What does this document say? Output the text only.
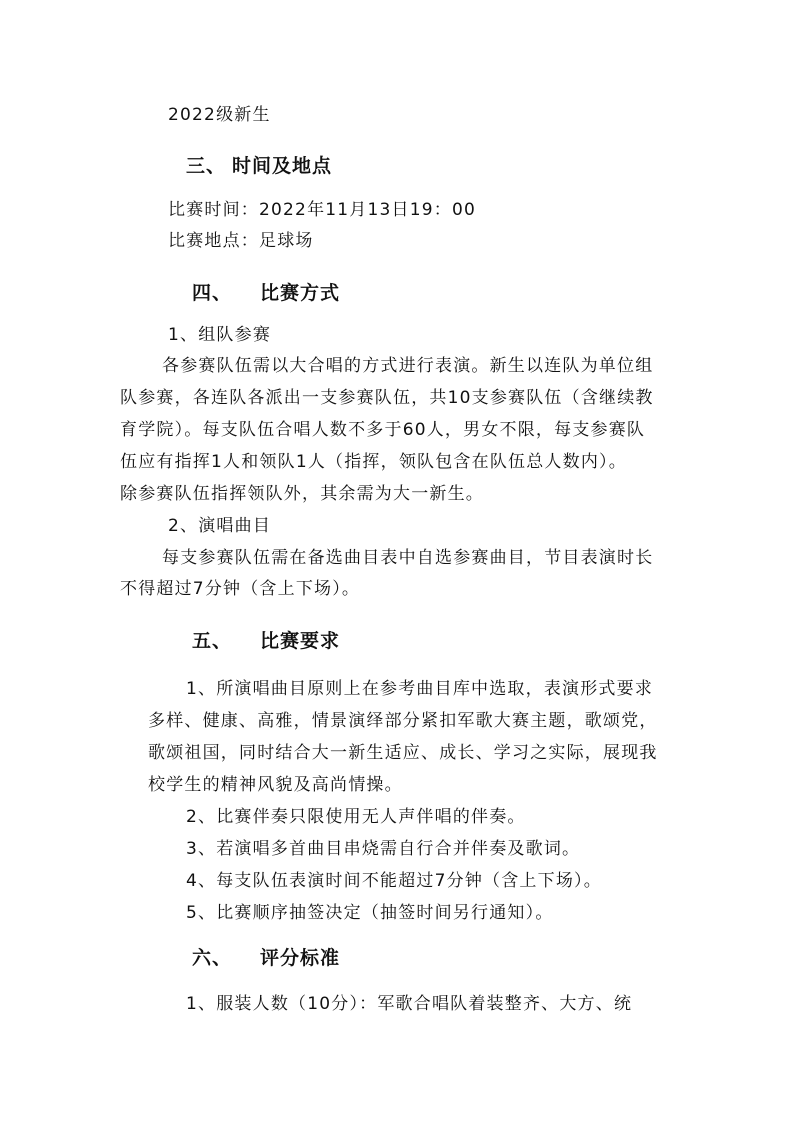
2022级新生
三、 时间及地点
比赛时间：2022年11月13日19：00
比赛地点：足球场
四、 比赛方式
1、组队参赛
各参赛队伍需以大合唱的方式进行表演。新生以连队为单位组
队参赛，各连队各派出一支参赛队伍，共10支参赛队伍（含继续教
育学院）。每支队伍合唱人数不多于60人，男女不限，每支参赛队
伍应有指挥1人和领队1人（指挥，领队包含在队伍总人数内）。
除参赛队伍指挥领队外，其余需为大一新生。
2、演唱曲目
每支参赛队伍需在备选曲目表中自选参赛曲目，节目表演时长
不得超过7分钟（含上下场）。
五、 比赛要求
1、所演唱曲目原则上在参考曲目库中选取，表演形式要求
多样、健康、高雅，情景演绎部分紧扣军歌大赛主题，歌颂党，
歌颂祖国，同时结合大一新生适应、成长、学习之实际，展现我
校学生的精神风貌及高尚情操。
2、比赛伴奏只限使用无人声伴唱的伴奏。
3、若演唱多首曲目串烧需自行合并伴奏及歌词。
4、每支队伍表演时间不能超过7分钟（含上下场）。
5、比赛顺序抽签决定（抽签时间另行通知）。
六、 评分标准
1、服装人数（10分）：军歌合唱队着装整齐、大方、统
